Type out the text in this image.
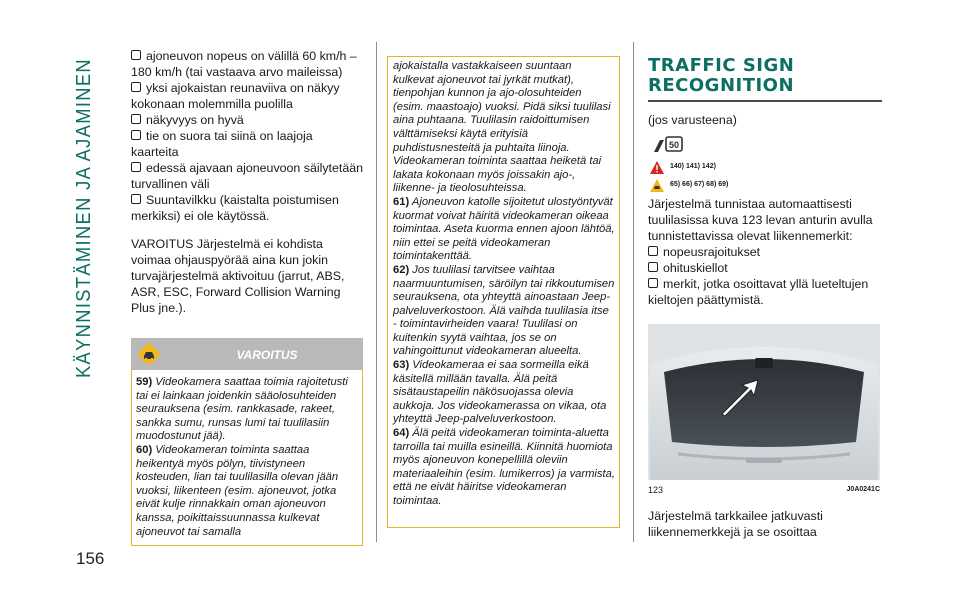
KÄYNNISTÄMINEN JA AJAMINEN
156
ajoneuvon nopeus on välillä 60 km/h – 180 km/h (tai vastaava arvo maileissa)
yksi ajokaistan reunaviiva on näkyy kokonaan molemmilla puolilla
näkyvyys on hyvä
tie on suora tai siinä on laajoja kaarteita
edessä ajavaan ajoneuvoon säilytetään turvallinen väli
Suuntavilkku (kaistalta poistumisen merkiksi) ei ole käytössä.

VAROITUS Järjestelmä ei kohdista voimaa ohjauspyörää aina kun jokin turvajärjestelmä aktivoituu (jarrut, ABS, ASR, ESC, Forward Collision Warning Plus jne.).

VAROITUS

59) Videokamera saattaa toimia rajoitetusti tai ei lainkaan joidenkin sääolosuhteiden seurauksena (esim. rankkasade, rakeet, sankka sumu, runsas lumi tai tuulilasiin muodostunut jää).

60) Videokameran toiminta saattaa heikentyä myös pölyn, tiivistyneen kosteuden, lian tai tuulilasilla olevan jään vuoksi, liikenteen (esim. ajoneuvot, jotka eivät kulje rinnakkain oman ajoneuvon kanssa, poikittaissuunnassa kulkevat ajoneuvot tai samalla

ajokaistalla vastakkaiseen suuntaan kulkevat ajoneuvot tai jyrkät mutkat), tienpohjan kunnon ja ajo-olosuhteiden (esim. maastoajo) vuoksi. Pidä siksi tuulilasi aina puhtaana. Tuulilasin raidoittumisen välttämiseksi käytä erityisiä puhdistusnesteitä ja puhtaita liinoja. Videokameran toiminta saattaa heiketä tai lakata kokonaan myös joissakin ajo-, liikenne- ja tieolosuhteissa.

61) Ajoneuvon katolle sijoitetut ulostyöntyvät kuormat voivat häiritä videokameran oikeaa toimintaa. Aseta kuorma ennen ajoon lähtöä, niin ettei se peitä videokameran toimintakenttää.

62) Jos tuulilasi tarvitsee vaihtaa naarmuuntumisen, säröilyn tai rikkoutumisen seurauksena, ota yhteyttä ainoastaan Jeep-palveluverkostoon. Älä vaihda tuulilasia itse - toimintavirheiden vaara! Tuulilasi on kuitenkin syytä vaihtaa, jos se on vahingoittunut videokameran alueelta.

63) Videokameraa ei saa sormeilla eikä käsitellä millään tavalla. Älä peitä sisätaustapeilin näkösuojassa olevia aukkoja. Jos videokamerassa on vikaa, ota yhteyttä Jeep-palveluverkostoon.

64) Älä peitä videokameran toiminta-aluetta tarroilla tai muilla esineillä. Kiinnitä huomiota myös ajoneuvon konepellillä oleviin materiaaleihin (esim. lumikerros) ja varmista, että ne eivät häiritse videokameran toimintaa.

TRAFFIC SIGN
RECOGNITION

(jos varusteena)

50
140) 141) 142)
65) 66) 67) 68) 69)

Järjestelmä tunnistaa automaattisesti tuulilasissa kuva 123 levan anturin avulla tunnistettavissa olevat liikennemerkit:

nopeusrajoitukset
ohituskiellot
merkit, jotka osoittavat yllä lueteltujen kieltojen päättymistä.
123	J0A0241C

Järjestelmä tarkkailee jatkuvasti liikennemerkkejä ja se osoittaa
